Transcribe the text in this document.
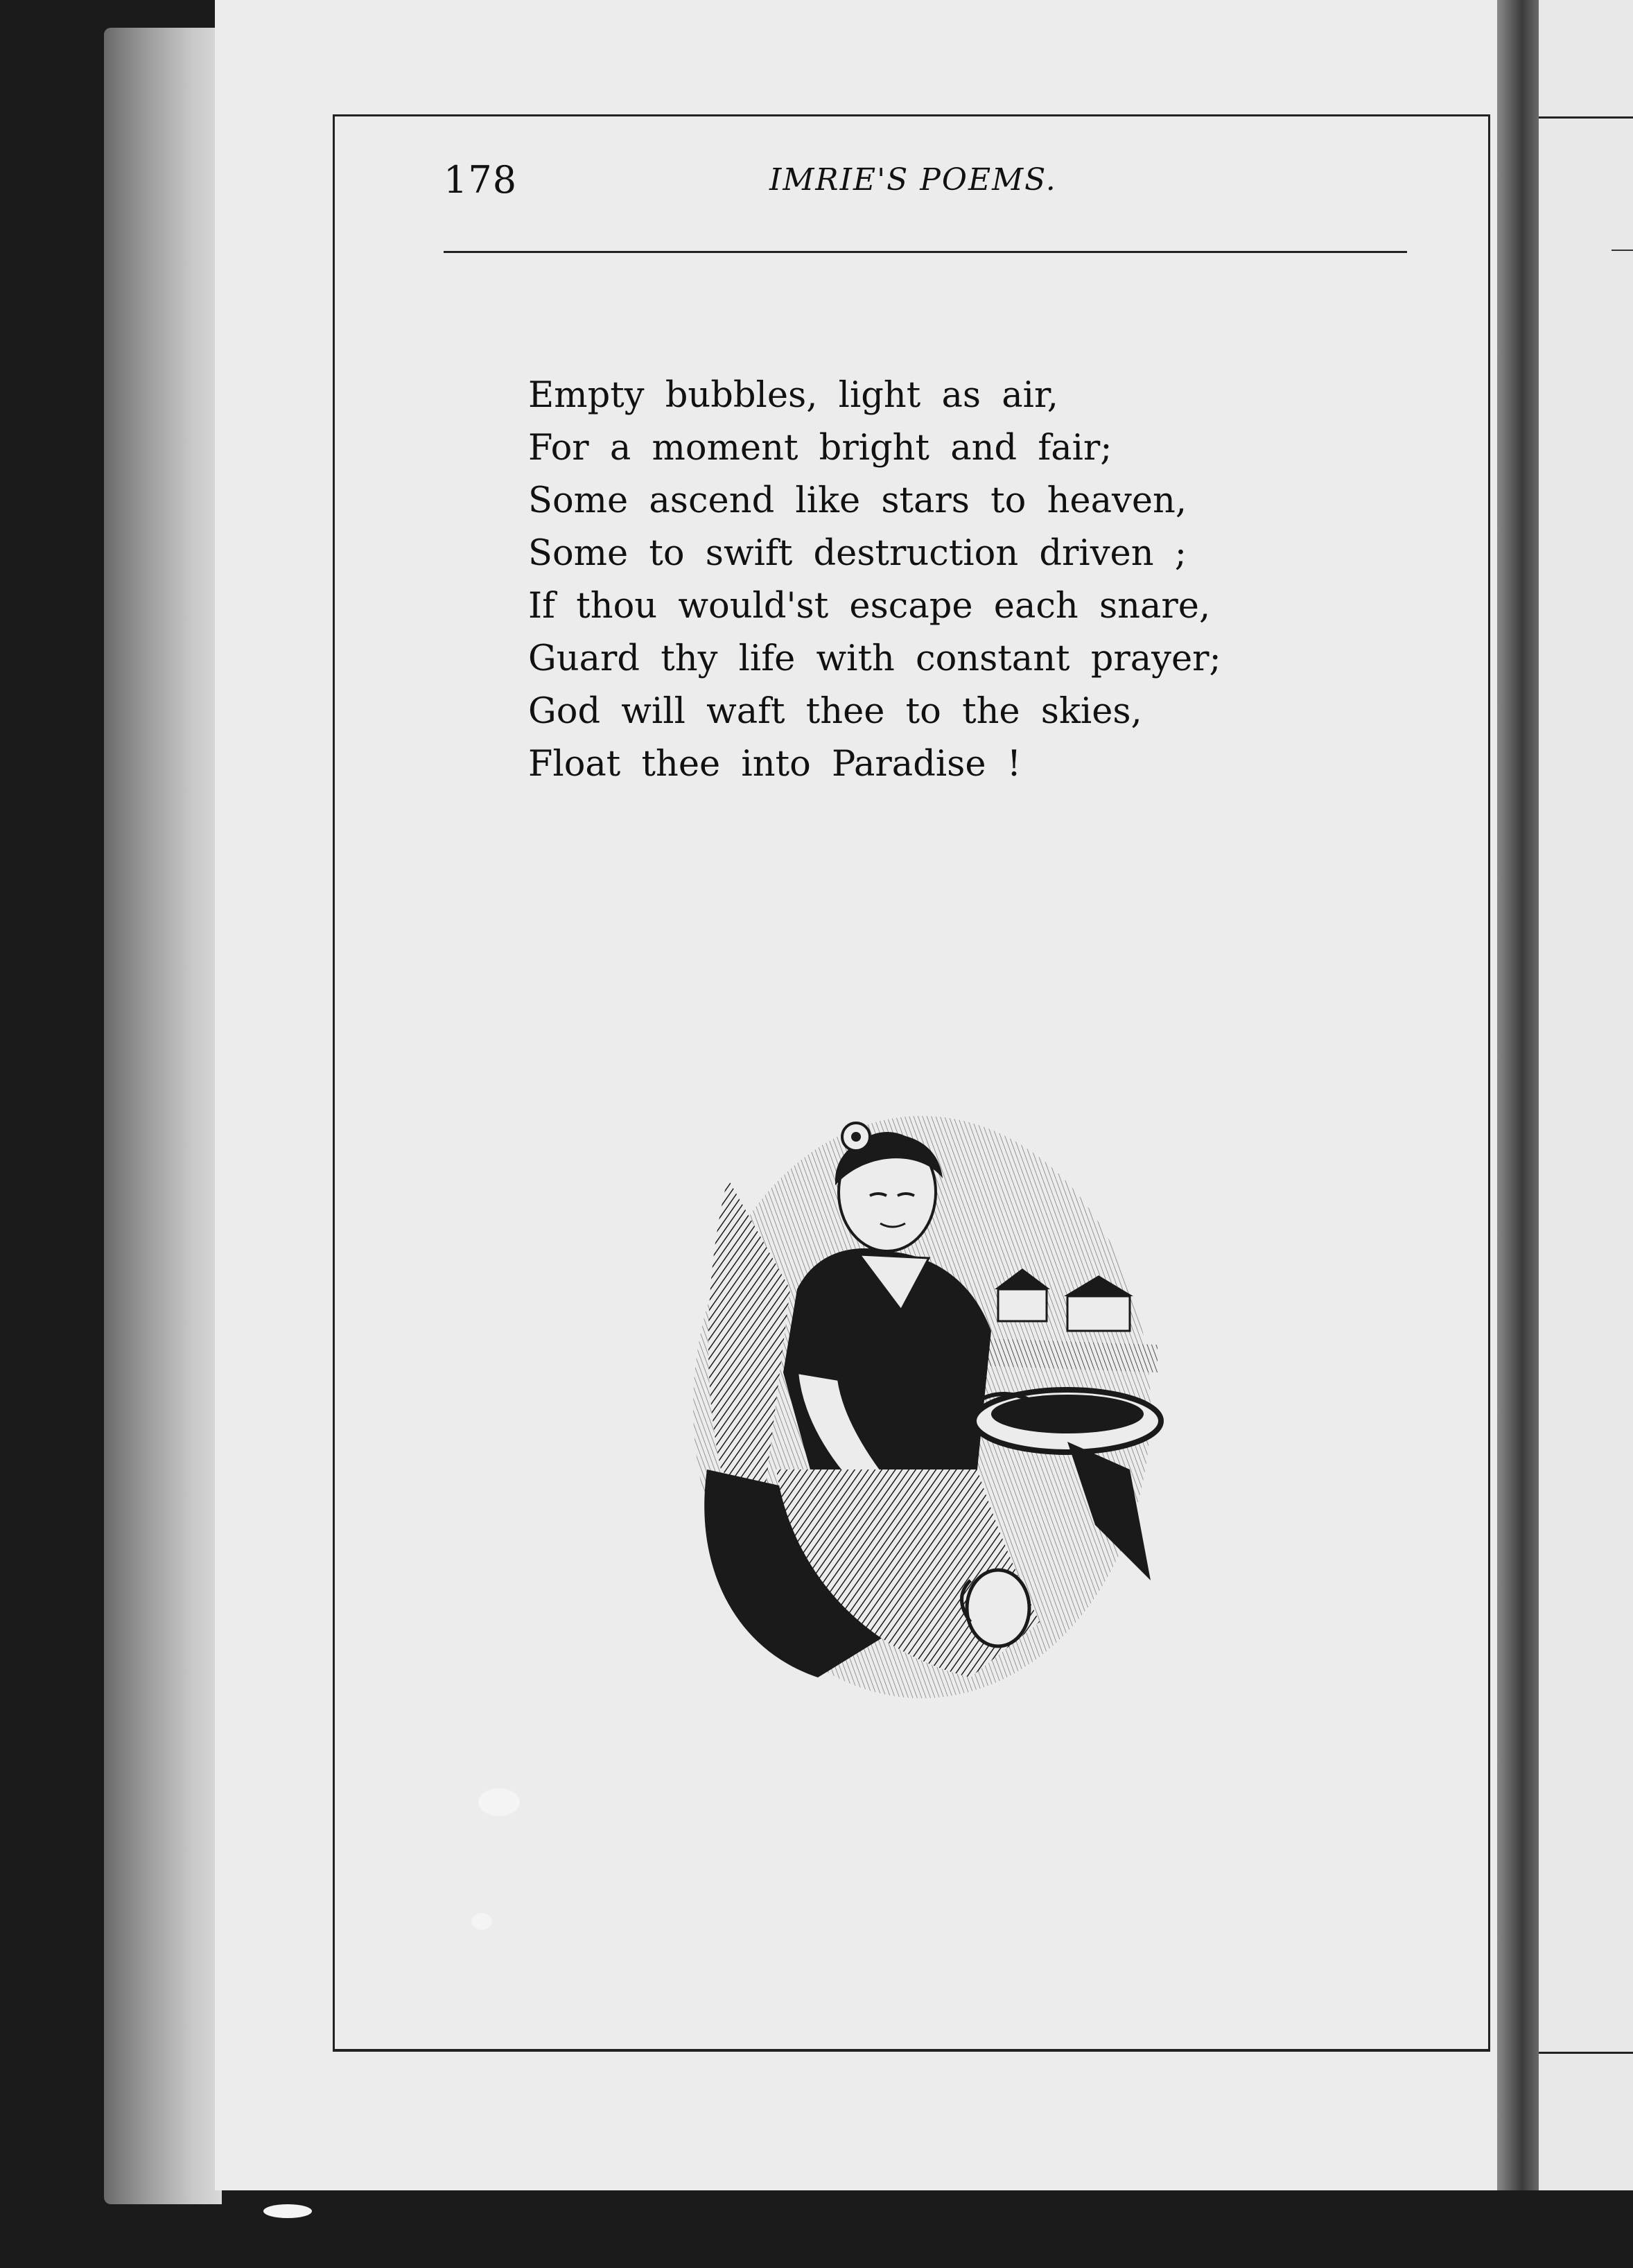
178	IMRIE'S POEMS.
Empty bubbles, light as air,
For a moment bright and fair;
Some ascend like stars to heaven,
Some to swift destruction driven ;
If thou would'st escape each snare,
Guard thy life with constant prayer;
God will waft thee to the skies,
Float thee into Paradise !
